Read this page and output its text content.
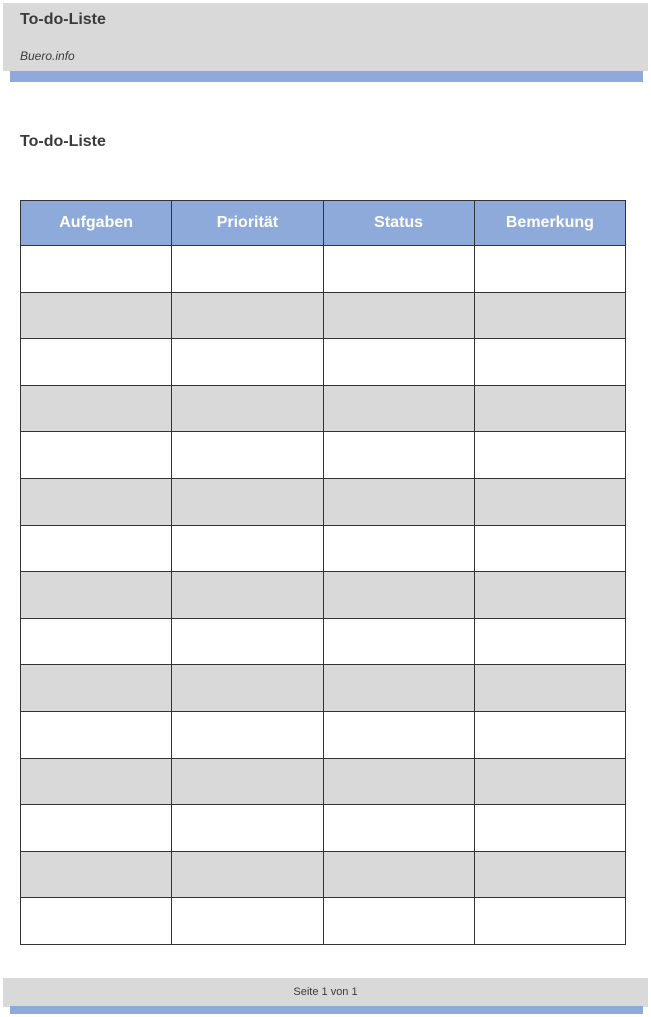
To-do-Liste
Buero.info
To-do-Liste
Aufgaben	Priorität	Status	Bemerkung

Seite 1 von 1
